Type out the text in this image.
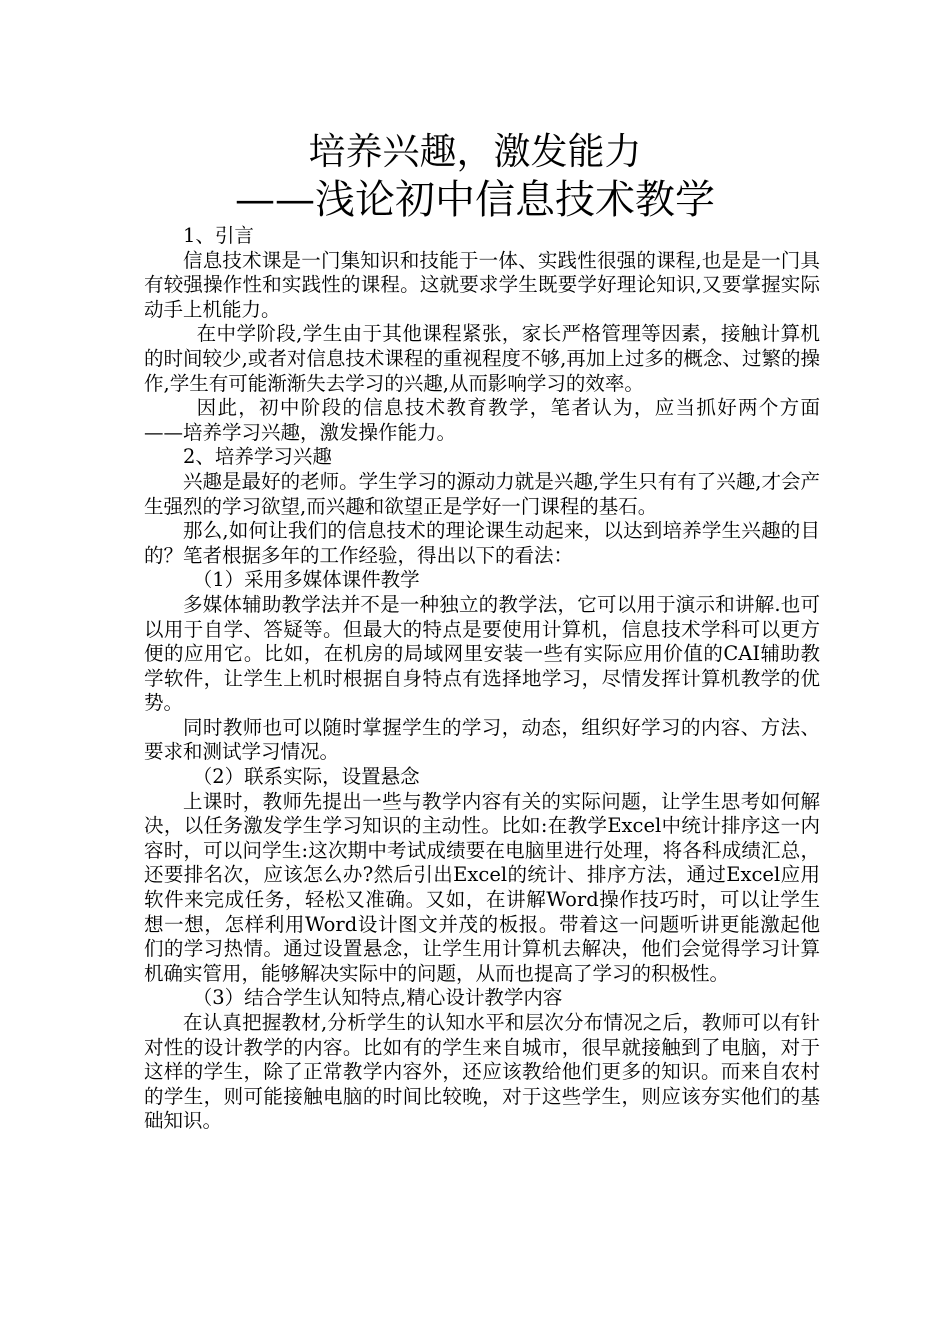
培养兴趣，激发能力
——浅论初中信息技术教学

1、引言

信息技术课是一门集知识和技能于一体、实践性很强的课程,也是是一门具有较强操作性和实践性的课程。这就要求学生既要学好理论知识,又要掌握实际动手上机能力。

在中学阶段,学生由于其他课程紧张，家长严格管理等因素，接触计算机的时间较少,或者对信息技术课程的重视程度不够,再加上过多的概念、过繁的操作,学生有可能渐渐失去学习的兴趣,从而影响学习的效率。

因此，初中阶段的信息技术教育教学，笔者认为，应当抓好两个方面——培养学习兴趣，激发操作能力。

2、培养学习兴趣

兴趣是最好的老师。学生学习的源动力就是兴趣,学生只有有了兴趣,才会产生强烈的学习欲望,而兴趣和欲望正是学好一门课程的基石。

那么,如何让我们的信息技术的理论课生动起来，以达到培养学生兴趣的目的？笔者根据多年的工作经验，得出以下的看法：

（1）采用多媒体课件教学

多媒体辅助教学法并不是一种独立的教学法，它可以用于演示和讲解.也可以用于自学、答疑等。但最大的特点是要使用计算机，信息技术学科可以更方便的应用它。比如，在机房的局域网里安装一些有实际应用价值的CAI辅助教学软件，让学生上机时根据自身特点有选择地学习，尽情发挥计算机教学的优势。

同时教师也可以随时掌握学生的学习，动态，组织好学习的内容、方法、要求和测试学习情况。

（2）联系实际，设置悬念

上课时，教师先提出一些与教学内容有关的实际问题，让学生思考如何解决，以任务激发学生学习知识的主动性。比如:在教学Excel中统计排序这一内容时，可以问学生:这次期中考试成绩要在电脑里进行处理，将各科成绩汇总，还要排名次，应该怎么办?然后引出Excel的统计、排序方法，通过Excel应用软件来完成任务，轻松又准确。又如，在讲解Word操作技巧时，可以让学生想一想，怎样利用Word设计图文并茂的板报。带着这一问题听讲更能激起他们的学习热情。通过设置悬念，让学生用计算机去解决，他们会觉得学习计算机确实管用，能够解决实际中的问题，从而也提高了学习的积极性。

（3）结合学生认知特点,精心设计教学内容

在认真把握教材,分析学生的认知水平和层次分布情况之后，教师可以有针对性的设计教学的内容。比如有的学生来自城市，很早就接触到了电脑，对于这样的学生，除了正常教学内容外，还应该教给他们更多的知识。而来自农村的学生，则可能接触电脑的时间比较晚，对于这些学生，则应该夯实他们的基础知识。
